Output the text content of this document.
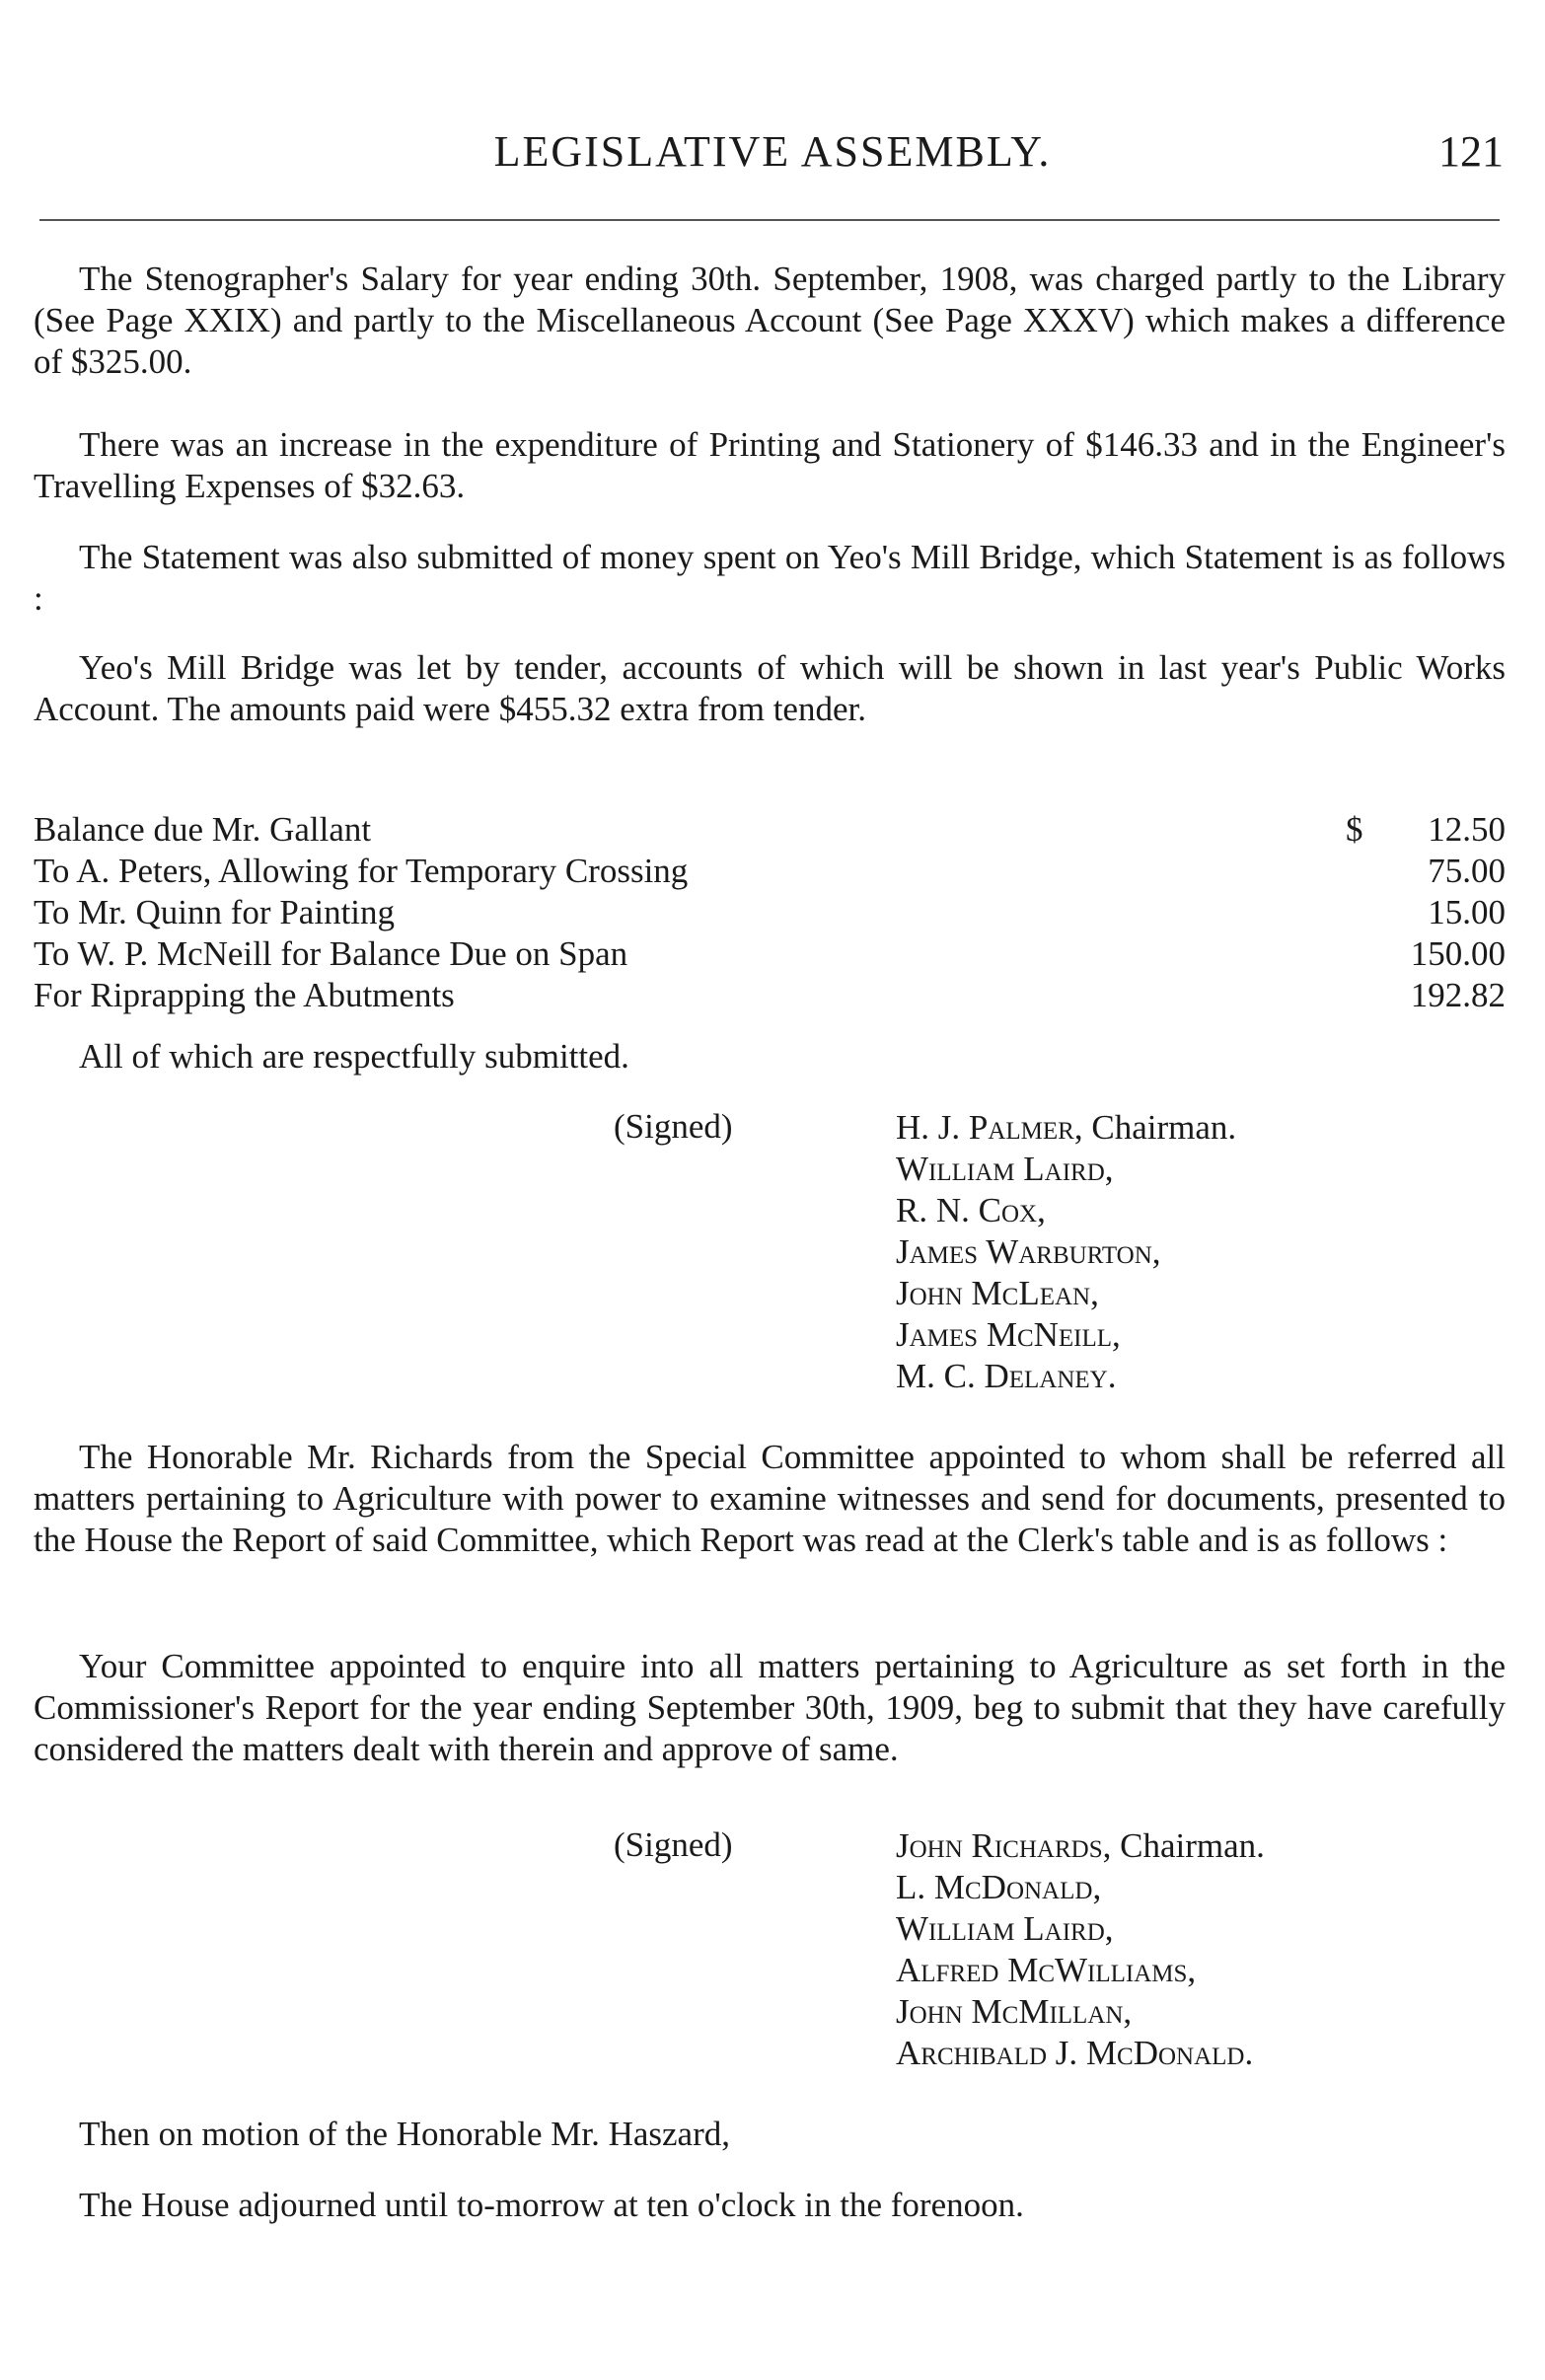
LEGISLATIVE ASSEMBLY.	121

The Stenographer's Salary for year ending 30th. September, 1908, was charged partly to the Library (See Page XXIX) and partly to the Miscellaneous Account (See Page XXXV) which makes a difference of $325.00.

There was an increase in the expenditure of Printing and Stationery of $146.33 and in the Engineer's Travelling Expenses of $32.63.

The Statement was also submitted of money spent on Yeo's Mill Bridge, which Statement is as follows :

Yeo's Mill Bridge was let by tender, accounts of which will be shown in last year's Public Works Account. The amounts paid were $455.32 extra from tender.

Balance due Mr. Gallant	$ 12.50
To A. Peters, Allowing for Temporary Crossing	75.00
To Mr. Quinn for Painting	15.00
To W. P. McNeill for Balance Due on Span	150.00
For Riprapping the Abutments	192.82
All of which are respectfully submitted.
(Signed)	H. J. Palmer, Chairman.
William Laird,
R. N. Cox,
James Warburton,
John McLean,
James McNeill,
M. C. Delaney.

The Honorable Mr. Richards from the Special Committee appointed to whom shall be referred all matters pertaining to Agriculture with power to examine witnesses and send for documents, presented to the House the Report of said Committee, which Report was read at the Clerk's table and is as follows :

Your Committee appointed to enquire into all matters pertaining to Agriculture as set forth in the Commissioner's Report for the year ending September 30th, 1909, beg to submit that they have carefully considered the matters dealt with therein and approve of same.

(Signed)	John Richards, Chairman.
L. McDonald,
William Laird,
Alfred McWilliams,
John McMillan,
Archibald J. McDonald.
Then on motion of the Honorable Mr. Haszard,
The House adjourned until to-morrow at ten o'clock in the forenoon.
